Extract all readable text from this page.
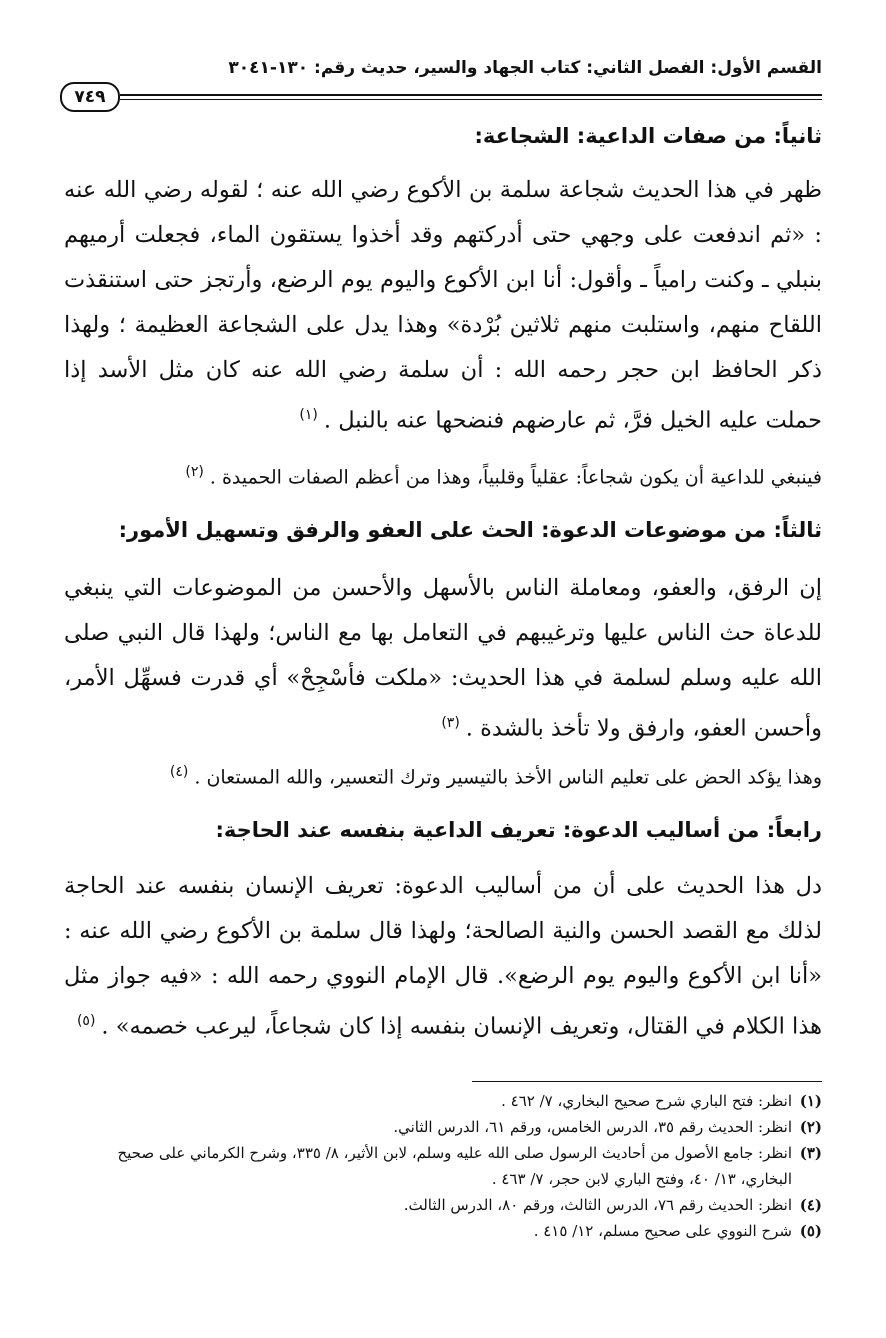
القسم الأول: الفصل الثاني: كتاب الجهاد والسير، حديث رقم: ١٣٠-٣٠٤١
٧٤٩
ثانياً: من صفات الداعية: الشجاعة:
ظهر في هذا الحديث شجاعة سلمة بن الأكوع رضي الله عنه ؛ لقوله رضي الله عنه : «ثم اندفعت على وجهي حتى أدركتهم وقد أخذوا يستقون الماء، فجعلت أرميهم بنبلي ـ وكنت رامياً ـ وأقول: أنا ابن الأكوع واليوم يوم الرضع، وأرتجز حتى استنقذت اللقاح منهم، واستلبت منهم ثلاثين بُرْدة» وهذا يدل على الشجاعة العظيمة ؛ ولهذا ذكر الحافظ ابن حجر رحمه الله : أن سلمة رضي الله عنه كان مثل الأسد إذا حملت عليه الخيل فرَّ، ثم عارضهم فنضحها عنه بالنبل .$^{(١)}$
فينبغي للداعية أن يكون شجاعاً: عقلياً وقلبياً، وهذا من أعظم الصفات الحميدة .$^{(٢)}$
ثالثاً: من موضوعات الدعوة: الحث على العفو والرفق وتسهيل الأمور:
إن الرفق، والعفو، ومعاملة الناس بالأسهل والأحسن من الموضوعات التي ينبغي للدعاة حث الناس عليها وترغيبهم في التعامل بها مع الناس؛ ولهذا قال النبي صلى الله عليه وسلم لسلمة في هذا الحديث: «ملكت فأسْجِحْ» أي قدرت فسهِّل الأمر، وأحسن العفو، وارفق ولا تأخذ بالشدة .$^{(٣)}$
وهذا يؤكد الحض على تعليم الناس الأخذ بالتيسير وترك التعسير، والله المستعان .$^{(٤)}$
رابعاً: من أساليب الدعوة: تعريف الداعية بنفسه عند الحاجة:
دل هذا الحديث على أن من أساليب الدعوة: تعريف الإنسان بنفسه عند الحاجة لذلك مع القصد الحسن والنية الصالحة؛ ولهذا قال سلمة بن الأكوع رضي الله عنه : «أنا ابن الأكوع واليوم يوم الرضع». قال الإمام النووي رحمه الله : «فيه جواز مثل هذا الكلام في القتال، وتعريف الإنسان بنفسه إذا كان شجاعاً، ليرعب خصمه» .$^{(٥)}$

(١)انظر: فتح الباري شرح صحيح البخاري، ٧/ ٤٦٢ .

(٢)انظر: الحديث رقم ٣٥، الدرس الخامس، ورقم ٦١، الدرس الثاني.

(٣)انظر: جامع الأصول من أحاديث الرسول صلى الله عليه وسلم، لابن الأثير، ٨/ ٣٣٥، وشرح الكرماني على صحيح

البخاري، ١٣/ ٤٠، وفتح الباري لابن حجر، ٧/ ٤٦٣ .

(٤)انظر: الحديث رقم ٧٦، الدرس الثالث، ورقم ٨٠، الدرس الثالث.

(٥)شرح النووي على صحيح مسلم، ١٢/ ٤١٥ .
